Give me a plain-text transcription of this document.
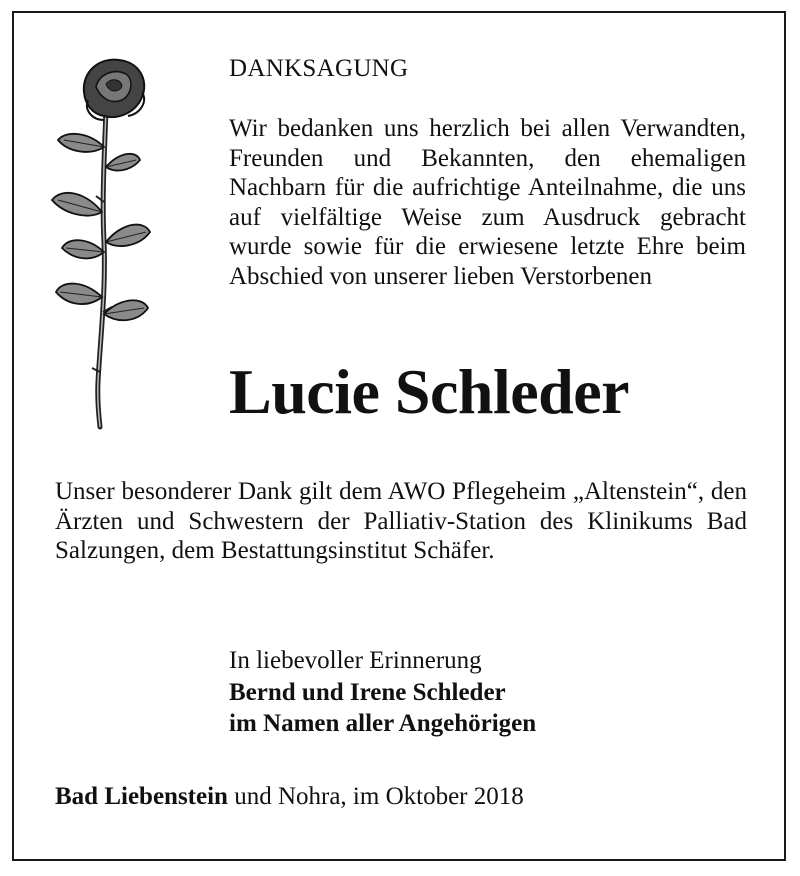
DANKSAGUNG
Wir bedanken uns herzlich bei allen Verwandten, Freunden und Bekannten, den ehemaligen Nachbarn für die aufrichtige Anteilnahme, die uns auf vielfältige Weise zum Ausdruck gebracht wurde sowie für die erwiesene letzte Ehre beim Abschied von unserer lieben Verstorbenen
Lucie Schleder
Unser besonderer Dank gilt dem AWO Pflegeheim „Altenstein“, den Ärzten und Schwestern der Palliativ-Station des Klinikums Bad Salzungen, dem Bestattungsinstitut Schäfer.
In liebevoller Erinnerung
Bernd und Irene Schleder
im Namen aller Angehörigen
Bad Liebenstein und Nohra, im Oktober 2018
